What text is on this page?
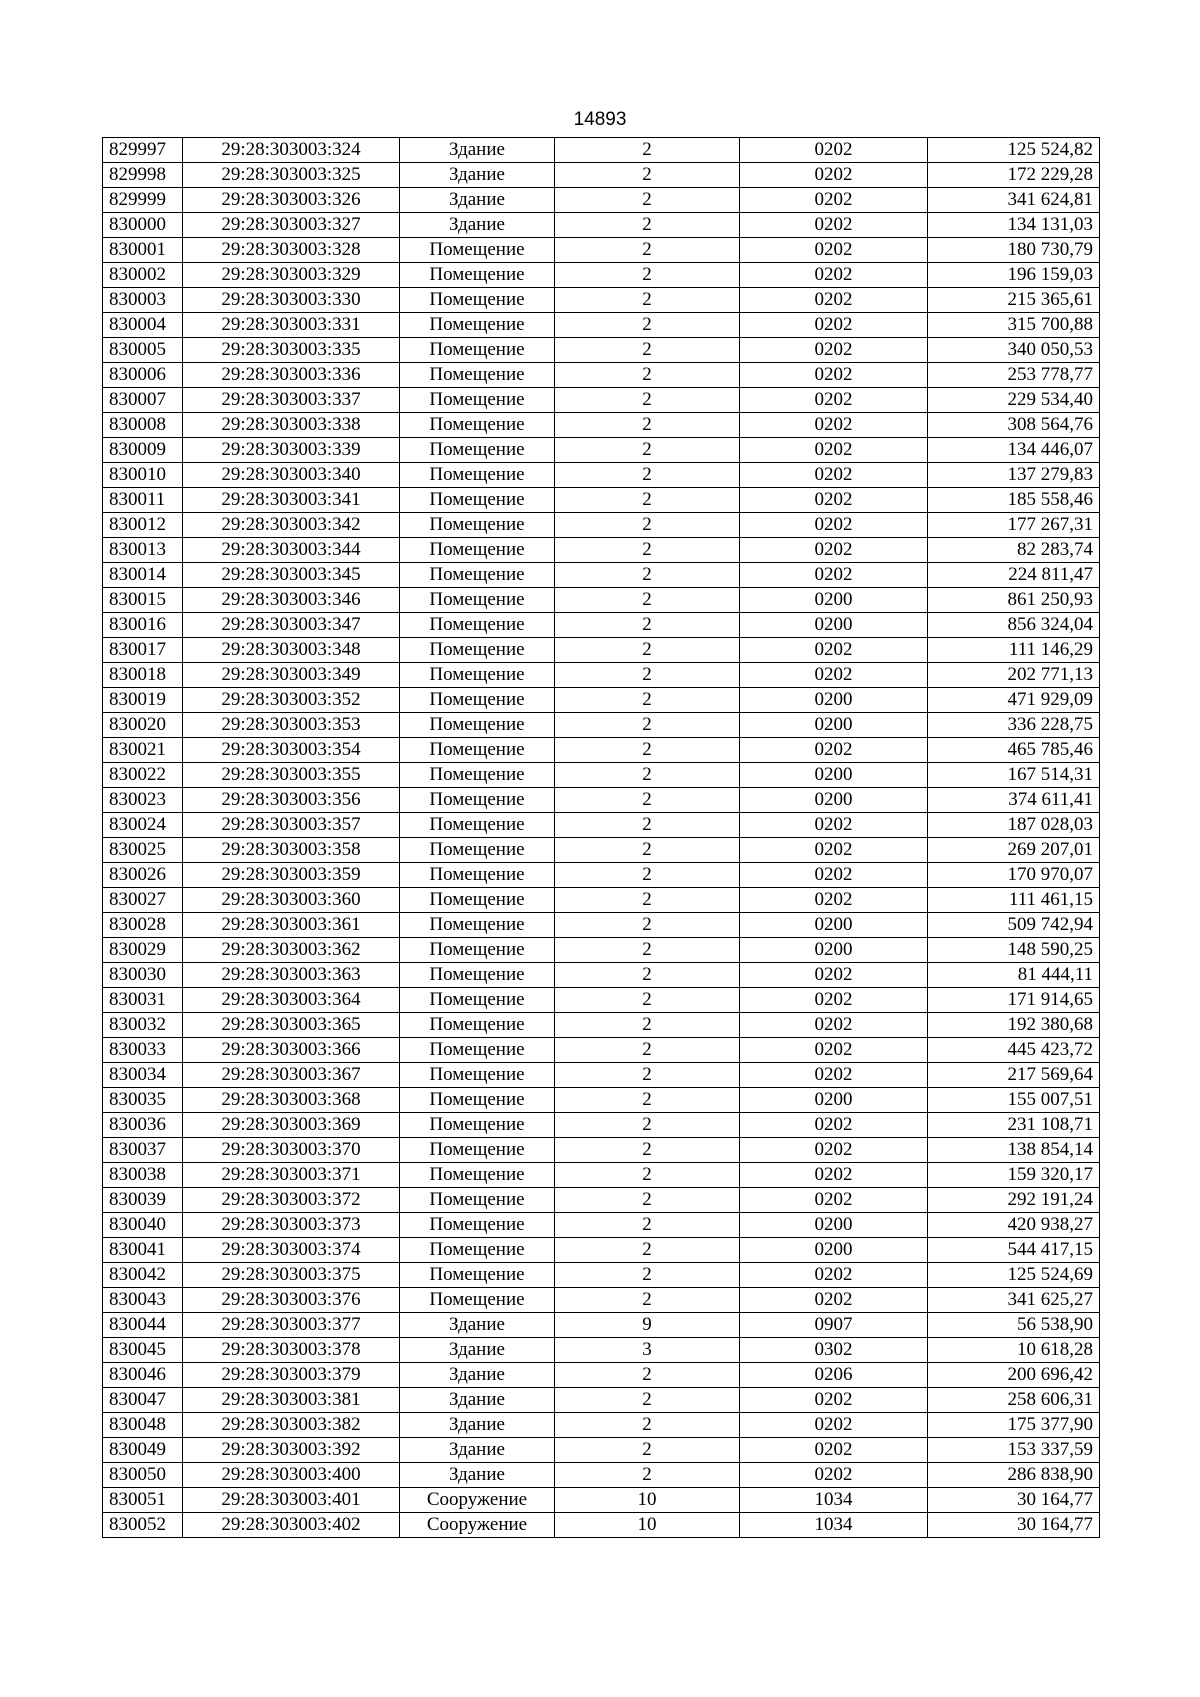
14893
829997	29:28:303003:324	Здание	2	0202	125 524,82
829998	29:28:303003:325	Здание	2	0202	172 229,28
829999	29:28:303003:326	Здание	2	0202	341 624,81
830000	29:28:303003:327	Здание	2	0202	134 131,03
830001	29:28:303003:328	Помещение	2	0202	180 730,79
830002	29:28:303003:329	Помещение	2	0202	196 159,03
830003	29:28:303003:330	Помещение	2	0202	215 365,61
830004	29:28:303003:331	Помещение	2	0202	315 700,88
830005	29:28:303003:335	Помещение	2	0202	340 050,53
830006	29:28:303003:336	Помещение	2	0202	253 778,77
830007	29:28:303003:337	Помещение	2	0202	229 534,40
830008	29:28:303003:338	Помещение	2	0202	308 564,76
830009	29:28:303003:339	Помещение	2	0202	134 446,07
830010	29:28:303003:340	Помещение	2	0202	137 279,83
830011	29:28:303003:341	Помещение	2	0202	185 558,46
830012	29:28:303003:342	Помещение	2	0202	177 267,31
830013	29:28:303003:344	Помещение	2	0202	82 283,74
830014	29:28:303003:345	Помещение	2	0202	224 811,47
830015	29:28:303003:346	Помещение	2	0200	861 250,93
830016	29:28:303003:347	Помещение	2	0200	856 324,04
830017	29:28:303003:348	Помещение	2	0202	111 146,29
830018	29:28:303003:349	Помещение	2	0202	202 771,13
830019	29:28:303003:352	Помещение	2	0200	471 929,09
830020	29:28:303003:353	Помещение	2	0200	336 228,75
830021	29:28:303003:354	Помещение	2	0202	465 785,46
830022	29:28:303003:355	Помещение	2	0200	167 514,31
830023	29:28:303003:356	Помещение	2	0200	374 611,41
830024	29:28:303003:357	Помещение	2	0202	187 028,03
830025	29:28:303003:358	Помещение	2	0202	269 207,01
830026	29:28:303003:359	Помещение	2	0202	170 970,07
830027	29:28:303003:360	Помещение	2	0202	111 461,15
830028	29:28:303003:361	Помещение	2	0200	509 742,94
830029	29:28:303003:362	Помещение	2	0200	148 590,25
830030	29:28:303003:363	Помещение	2	0202	81 444,11
830031	29:28:303003:364	Помещение	2	0202	171 914,65
830032	29:28:303003:365	Помещение	2	0202	192 380,68
830033	29:28:303003:366	Помещение	2	0202	445 423,72
830034	29:28:303003:367	Помещение	2	0202	217 569,64
830035	29:28:303003:368	Помещение	2	0200	155 007,51
830036	29:28:303003:369	Помещение	2	0202	231 108,71
830037	29:28:303003:370	Помещение	2	0202	138 854,14
830038	29:28:303003:371	Помещение	2	0202	159 320,17
830039	29:28:303003:372	Помещение	2	0202	292 191,24
830040	29:28:303003:373	Помещение	2	0200	420 938,27
830041	29:28:303003:374	Помещение	2	0200	544 417,15
830042	29:28:303003:375	Помещение	2	0202	125 524,69
830043	29:28:303003:376	Помещение	2	0202	341 625,27
830044	29:28:303003:377	Здание	9	0907	56 538,90
830045	29:28:303003:378	Здание	3	0302	10 618,28
830046	29:28:303003:379	Здание	2	0206	200 696,42
830047	29:28:303003:381	Здание	2	0202	258 606,31
830048	29:28:303003:382	Здание	2	0202	175 377,90
830049	29:28:303003:392	Здание	2	0202	153 337,59
830050	29:28:303003:400	Здание	2	0202	286 838,90
830051	29:28:303003:401	Сооружение	10	1034	30 164,77
830052	29:28:303003:402	Сооружение	10	1034	30 164,77
